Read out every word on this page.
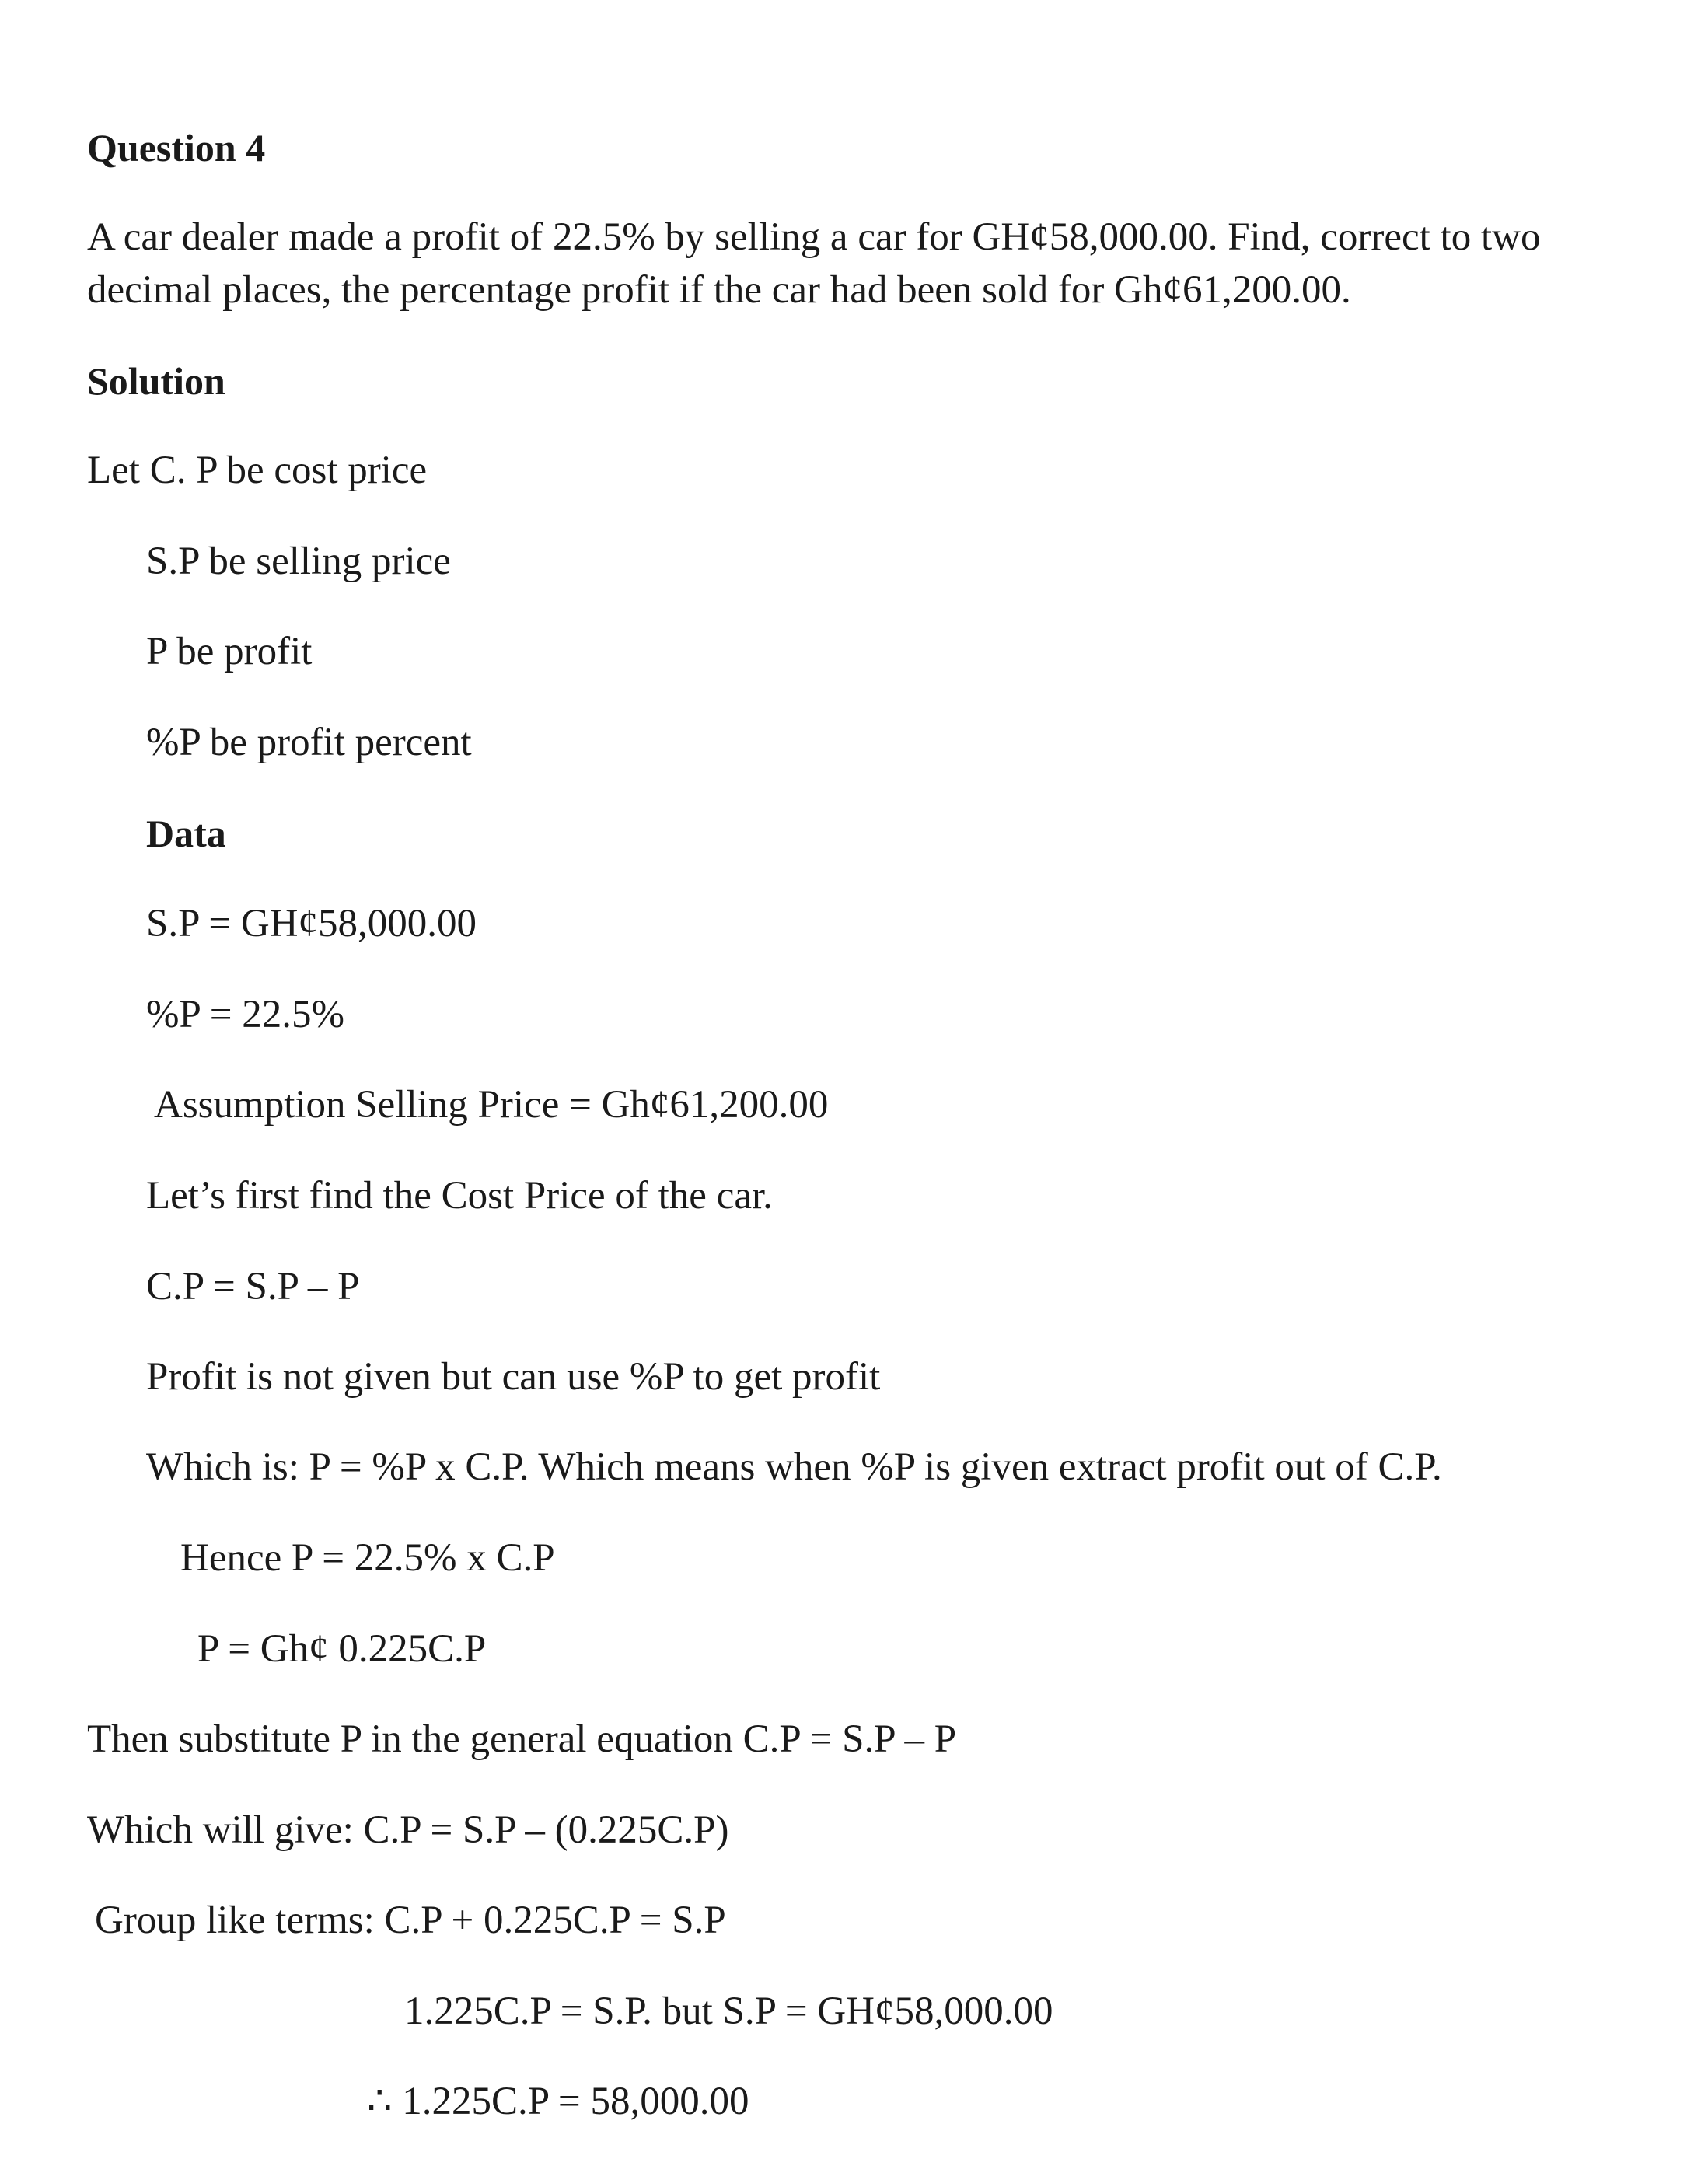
Question 4
A car dealer made a profit of 22.5% by selling a car for GH¢58,000.00. Find, correct to two
decimal places, the percentage profit if the car had been sold for Gh¢61,200.00.
Solution
Let C. P be cost price
S.P be selling price
P be profit
%P be profit percent
Data
S.P = GH¢58,000.00
%P = 22.5%
Assumption Selling Price = Gh¢61,200.00
Let’s first find the Cost Price of the car.
C.P = S.P – P
Profit is not given but can use %P to get profit
Which is: P = %P x C.P. Which means when %P is given extract profit out of C.P.
Hence P = 22.5% x C.P
P = Gh¢ 0.225C.P
Then substitute P in the general equation C.P = S.P – P
Which will give: C.P = S.P – (0.225C.P)
Group like terms: C.P + 0.225C.P = S.P
1.225C.P = S.P. but S.P = GH¢58,000.00
∴ 1.225C.P = 58,000.00
